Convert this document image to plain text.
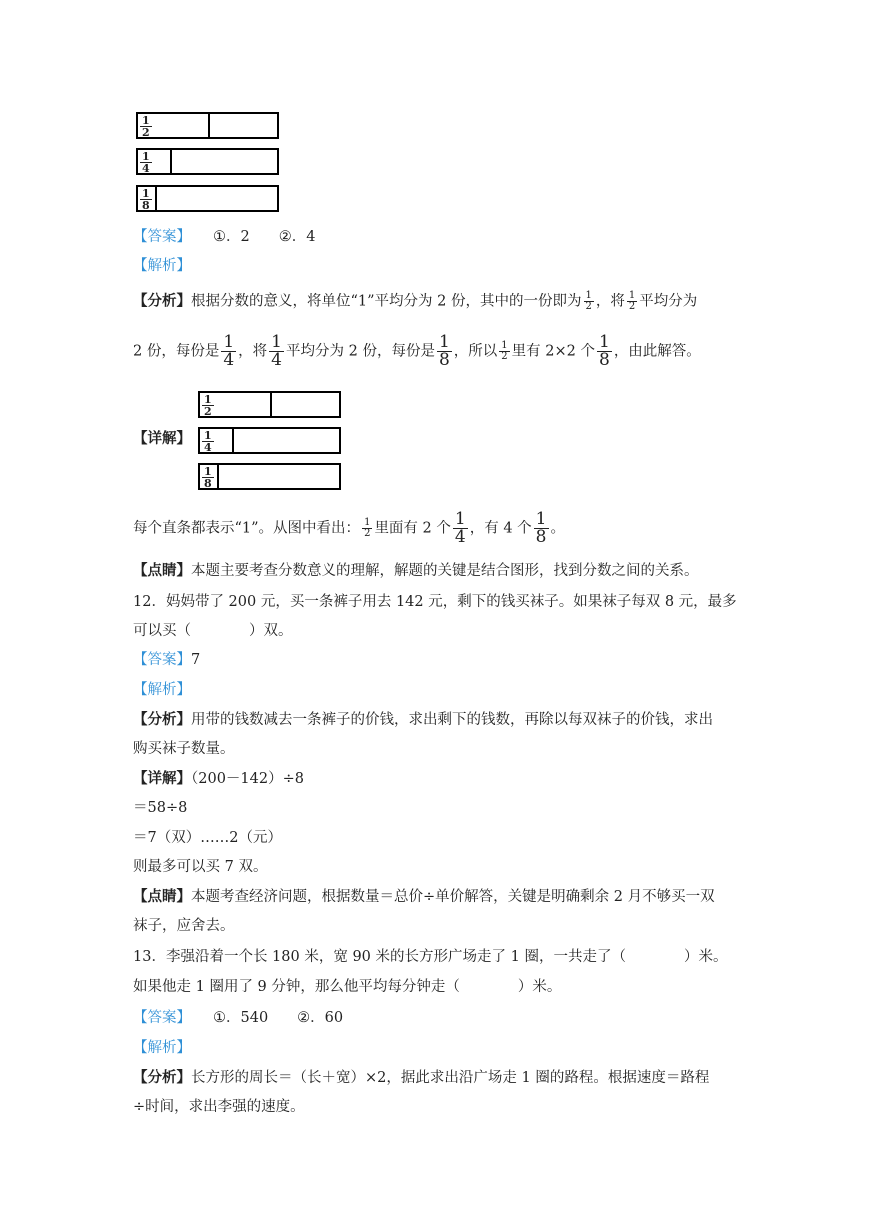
1
2
1
4
1
8
【答案】 ①．2　　②．4
【解析】
【分析】根据分数的意义，将单位“1”平均分为 2 份，其中的一份即为 $\frac{1}{2}$ ，将 $\frac{1}{2}$ 平均分为
2 份，每份是 $\frac{1}{4}$ ，将 $\frac{1}{4}$ 平均分为 2 份，每份是 $\frac{1}{8}$ ，所以 $\frac{1}{2}$ 里有 2×2 个 $\frac{1}{8}$ ，由此解答。
【详解】
1
2
1
4
1
8
每个直条都表示“1”。从图中看出： $\frac{1}{2}$ 里面有 2 个 $\frac{1}{4}$ ，有 4 个 $\frac{1}{8}$ 。
【点睛】本题主要考查分数意义的理解，解题的关键是结合图形，找到分数之间的关系。
12．妈妈带了 200 元，买一条裤子用去 142 元，剩下的钱买袜子。如果袜子每双 8 元，最多
可以买（　　　　）双。
【答案】7
【解析】
【分析】用带的钱数减去一条裤子的价钱，求出剩下的钱数，再除以每双袜子的价钱，求出
购买袜子数量。
【详解】（200－142）÷8
＝58÷8
＝7（双）……2（元）
则最多可以买 7 双。
【点睛】本题考查经济问题，根据数量＝总价÷单价解答，关键是明确剩余 2 月不够买一双
袜子，应舍去。
13．李强沿着一个长 180 米，宽 90 米的长方形广场走了 1 圈，一共走了（　　　　）米。
如果他走 1 圈用了 9 分钟，那么他平均每分钟走（　　　　）米。
【答案】 ①．540　　②．60
【解析】
【分析】长方形的周长＝（长＋宽）×2，据此求出沿广场走 1 圈的路程。根据速度＝路程
÷时间，求出李强的速度。
